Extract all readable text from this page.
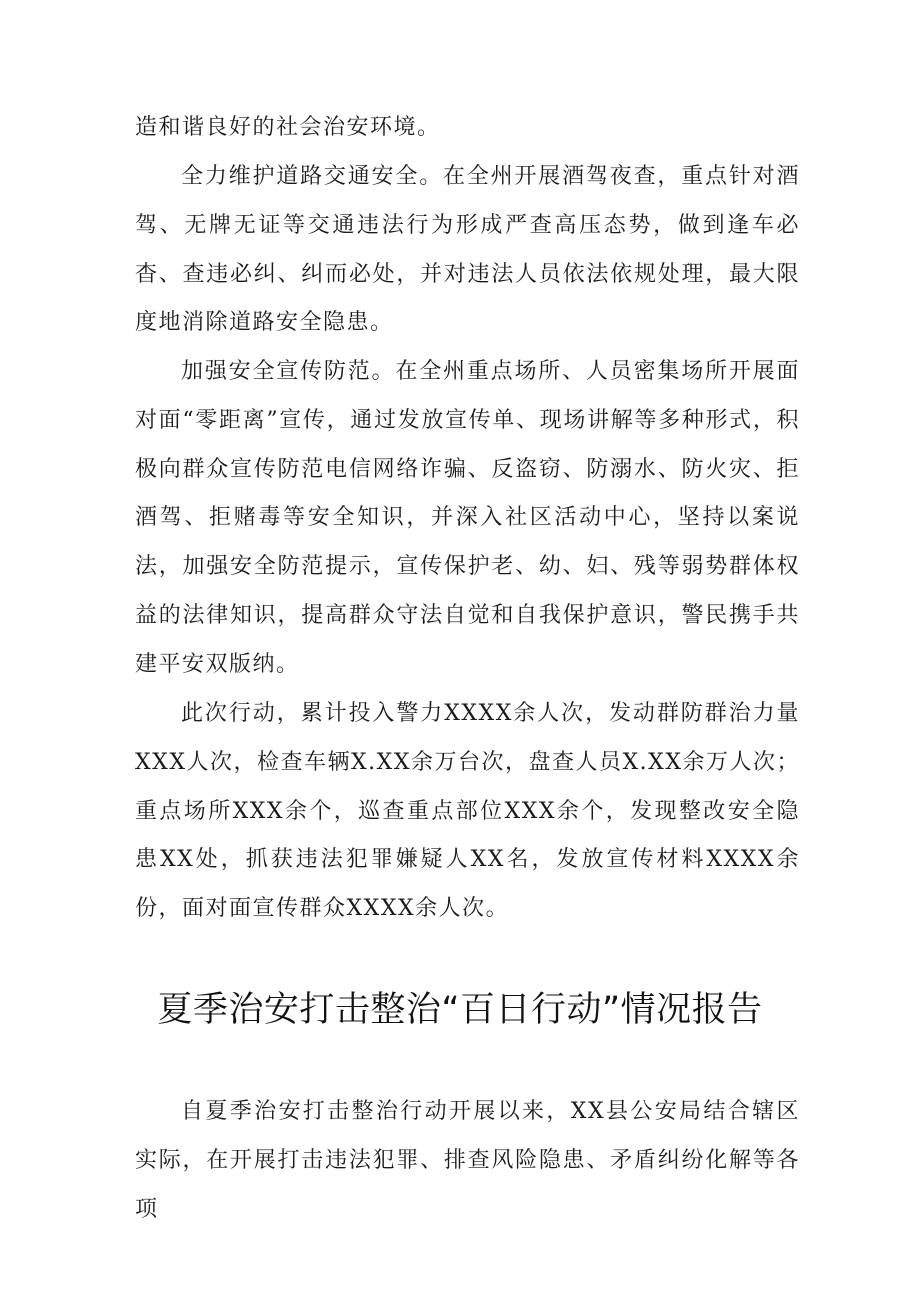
造和谐良好的社会治安环境。

全力维护道路交通安全。在全州开展酒驾夜查，重点针对酒驾、无牌无证等交通违法行为形成严查高压态势，做到逢车必杳、查违必纠、纠而必处，并对违法人员依法依规处理，最大限度地消除道路安全隐患。

加强安全宣传防范。在全州重点场所、人员密集场所开展面对面“零距离”宣传，通过发放宣传单、现场讲解等多种形式，积极向群众宣传防范电信网络诈骗、反盗窃、防溺水、防火灾、拒酒驾、拒赌毒等安全知识，并深入社区活动中心，坚持以案说法，加强安全防范提示，宣传保护老、幼、妇、残等弱势群体权益的法律知识，提高群众守法自觉和自我保护意识，警民携手共建平安双版纳。

此次行动，累计投入警力XXXX余人次，发动群防群治力量XXX人次，检查车辆X.XX余万台次，盘查人员X.XX余万人次；重点场所XXX余个，巡查重点部位XXX余个，发现整改安全隐患XX处，抓获违法犯罪嫌疑人XX名，发放宣传材料XXXX余份，面对面宣传群众XXXX余人次。

夏季治安打击整治“百日行动”情况报告

自夏季治安打击整治行动开展以来，XX县公安局结合辖区实际，在开展打击违法犯罪、排查风险隐患、矛盾纠纷化解等各项
